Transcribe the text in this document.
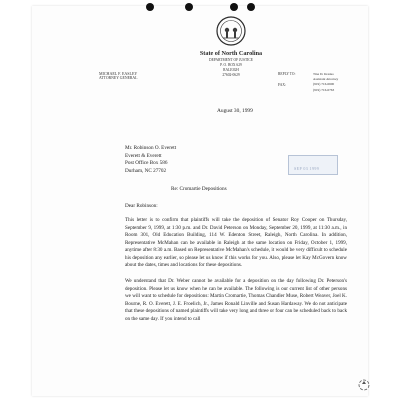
State of North Carolina
DEPARTMENT OF JUSTICE
P. O. BOX 629
RALEIGH
27602-0629
MICHAEL F. EASLEY
ATTORNEY GENERAL
REPLY TO:

FAX:
Tina D. Krasko
Assistant Attorney
(919) 716-6600
(919) 716-6763
August 30, 1999
Mr. Robinson O. Everett
Everett & Everett
Post Office Box 586
Durham, NC 27702	SEP 03 1999
Re: Cromartie Depositions
Dear Robinson:
This letter is to confirm that plaintiffs will take the deposition of Senator Roy Cooper on Thursday, September 9, 1999, at 1:30 p.m. and Dr. David Peterson on Monday, September 20, 1999, at 11:30 a.m., in Room 301, Old Education Building, 114 W. Edenton Street, Raleigh, North Carolina. In addition, Representative McMahan can be available in Raleigh at the same location on Friday, October 1, 1999, anytime after 8:30 a.m. Based on Representative McMahan's schedule, it would be very difficult to schedule his deposition any earlier, so please let us know if this works for you. Also, please let Kay McGovern know about the dates, times and locations for these depositions.
We understand that Dr. Weber cannot be available for a deposition on the day following Dr. Peterson's deposition. Please let us know when he can be available. The following is our current list of other persons we will want to schedule for depositions: Martin Cromartie, Thomas Chandler Muse, Robert Weaver, Joel K. Bourne, R. O. Everett, J. E. Froelich, Jr., James Ronald Linville and Susan Hardaway. We do not anticipate that these depositions of named plaintiffs will take very long and three or four can be scheduled back to back on the same day. If you intend to call
